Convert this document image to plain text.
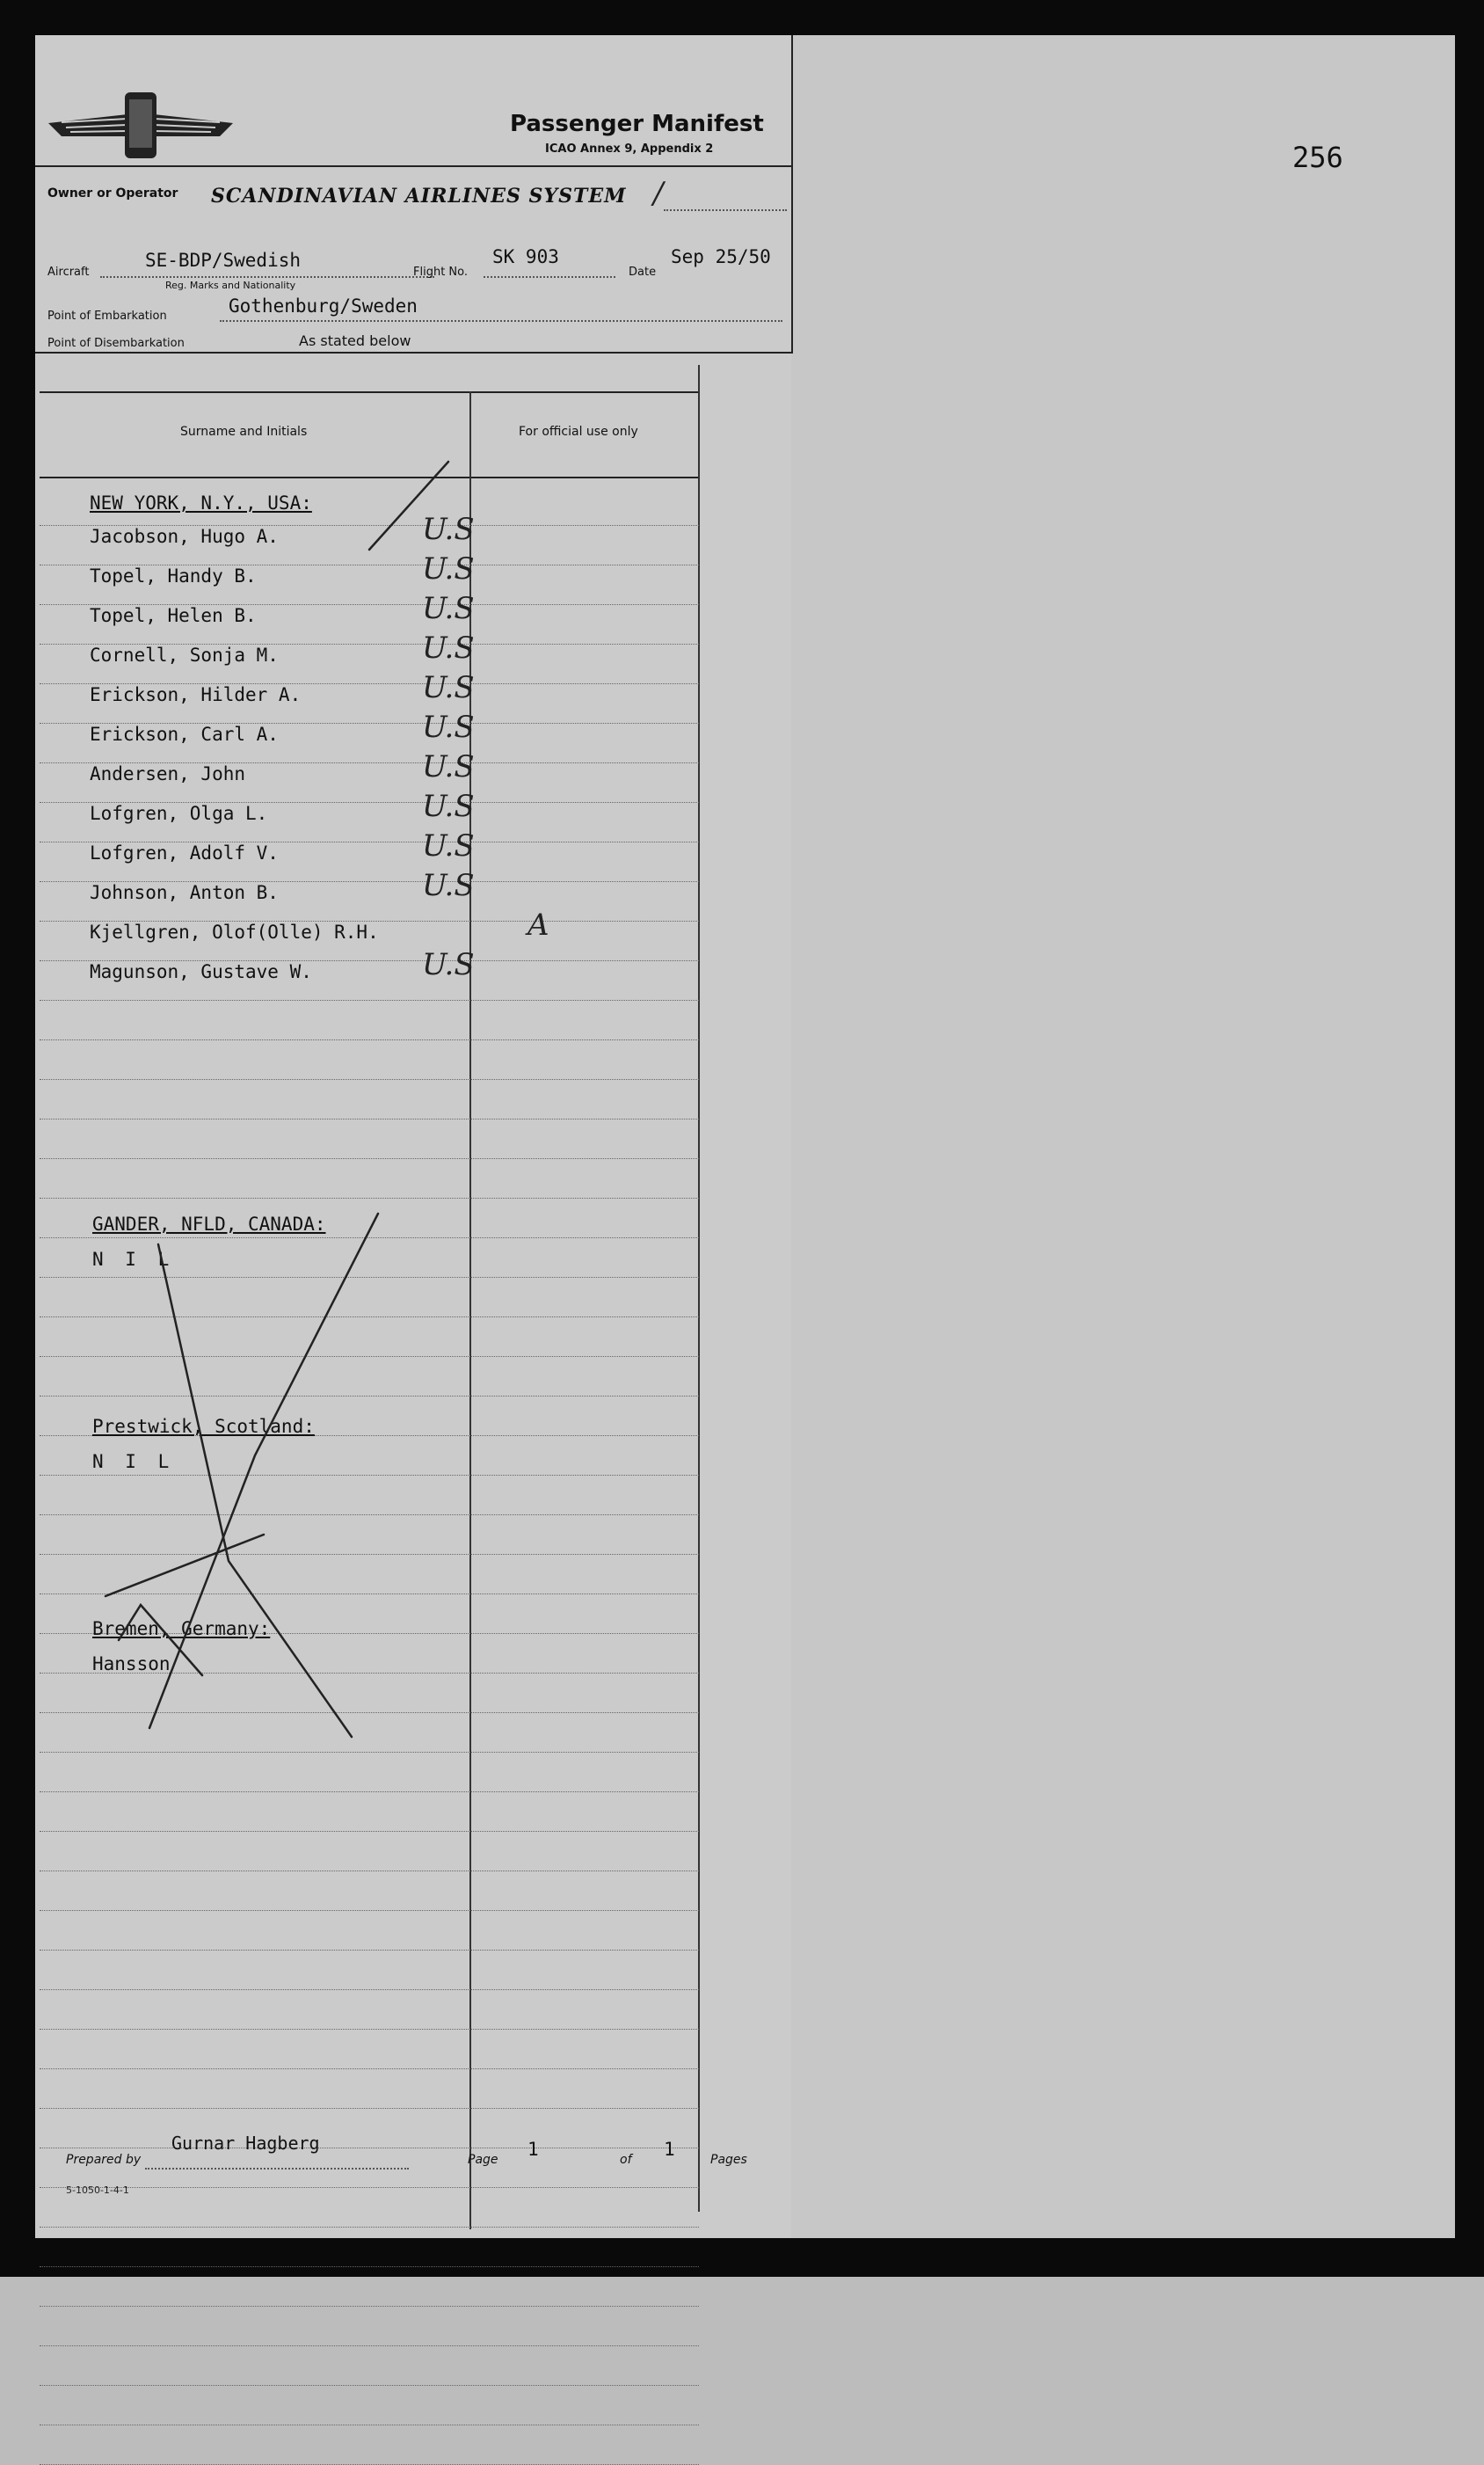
256
Passenger Manifest
ICAO Annex 9, Appendix 2
Owner or Operator SCANDINAVIAN AIRLINES SYSTEM /
Aircraft
SE-BDP/Swedish
Reg. Marks and Nationality
Flight No.
SK 903
Date
Sep 25/50
Point of Embarkation	Gothenburg/Sweden
Point of Disembarkation	As stated below
Surname and Initials	For official use only
NEW YORK, N.Y., USA:
Jacobson, Hugo A.	U.S
Topel, Handy B.	U.S
Topel, Helen B.	U.S
Cornell, Sonja M.	U.S
Erickson, Hilder A.	U.S
Erickson, Carl A.	U.S
Andersen, John	U.S
Lofgren, Olga L.	U.S
Lofgren, Adolf V.	U.S
Johnson, Anton B.	U.S
Kjellgren, Olof(Olle) R.H.	A
Magunson, Gustave W.	U.S
GANDER, NFLD, CANADA:
N I L
Prestwick, Scotland:
N I L
Bremen, Germany:
Hansson
Prepared by
Gurnar Hagberg
Page 1	of 1	Pages
5-1050-1-4-1
